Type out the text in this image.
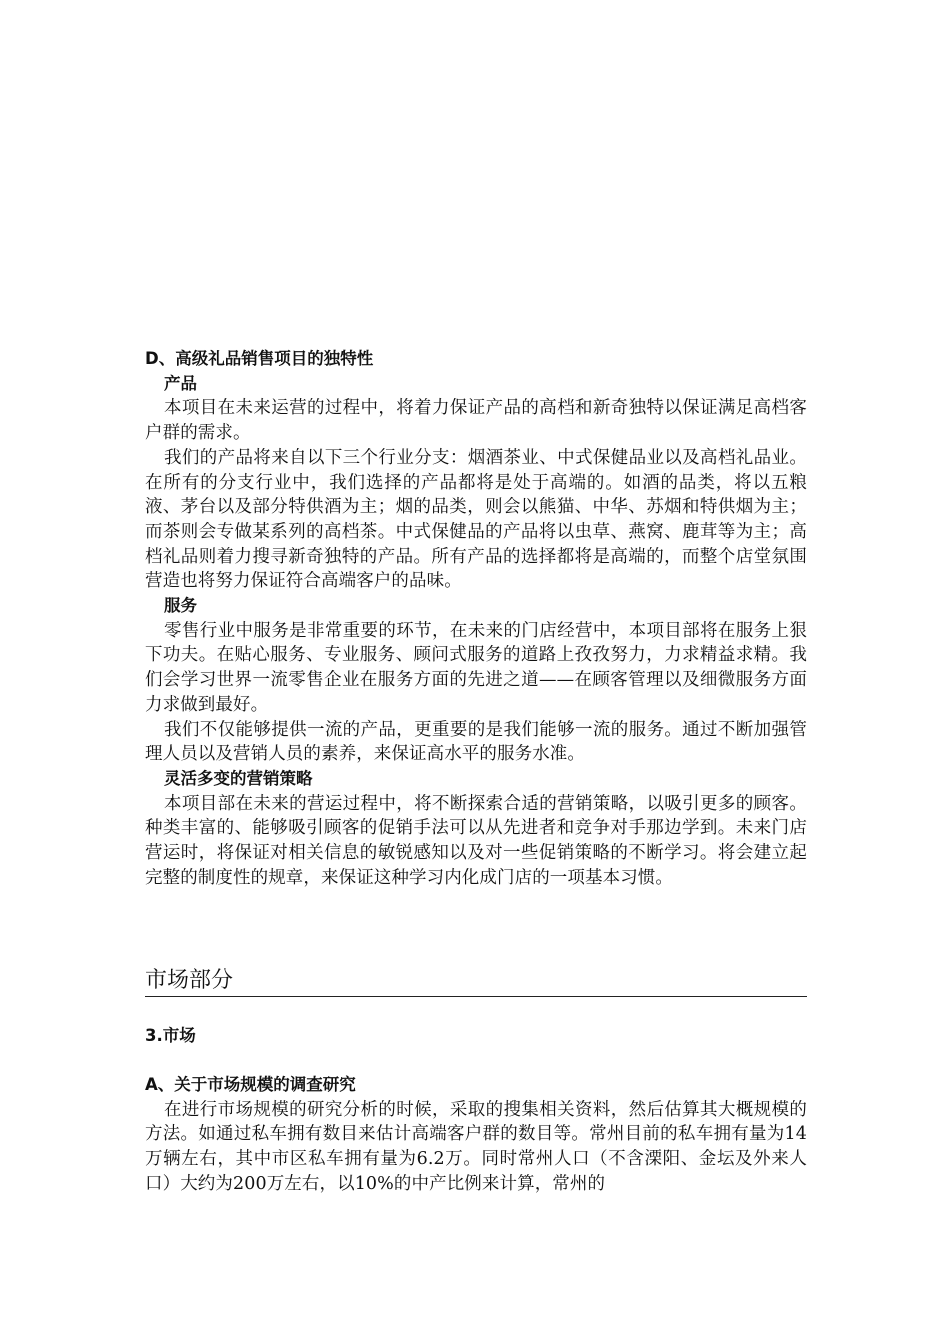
D、高级礼品销售项目的独特性
产品

本项目在未来运营的过程中，将着力保证产品的高档和新奇独特以保证满足高档客户群的需求。

我们的产品将来自以下三个行业分支：烟酒茶业、中式保健品业以及高档礼品业。在所有的分支行业中，我们选择的产品都将是处于高端的。如酒的品类，将以五粮液、茅台以及部分特供酒为主；烟的品类，则会以熊猫、中华、苏烟和特供烟为主；而茶则会专做某系列的高档茶。中式保健品的产品将以虫草、燕窝、鹿茸等为主；高档礼品则着力搜寻新奇独特的产品。所有产品的选择都将是高端的，而整个店堂氛围营造也将努力保证符合高端客户的品味。

服务

零售行业中服务是非常重要的环节，在未来的门店经营中，本项目部将在服务上狠下功夫。在贴心服务、专业服务、顾问式服务的道路上孜孜努力，力求精益求精。我们会学习世界一流零售企业在服务方面的先进之道——在顾客管理以及细微服务方面力求做到最好。

我们不仅能够提供一流的产品，更重要的是我们能够一流的服务。通过不断加强管理人员以及营销人员的素养，来保证高水平的服务水准。

灵活多变的营销策略

本项目部在未来的营运过程中，将不断探索合适的营销策略，以吸引更多的顾客。种类丰富的、能够吸引顾客的促销手法可以从先进者和竞争对手那边学到。未来门店营运时，将保证对相关信息的敏锐感知以及对一些促销策略的不断学习。将会建立起完整的制度性的规章，来保证这种学习内化成门店的一项基本习惯。

市场部分
3.市场
A、关于市场规模的调查研究

在进行市场规模的研究分析的时候，采取的搜集相关资料，然后估算其大概规模的方法。如通过私车拥有数目来估计高端客户群的数目等。常州目前的私车拥有量为14万辆左右，其中市区私车拥有量为6.2万。同时常州人口（不含溧阳、金坛及外来人口）大约为200万左右，以10%的中产比例来计算，常州的
